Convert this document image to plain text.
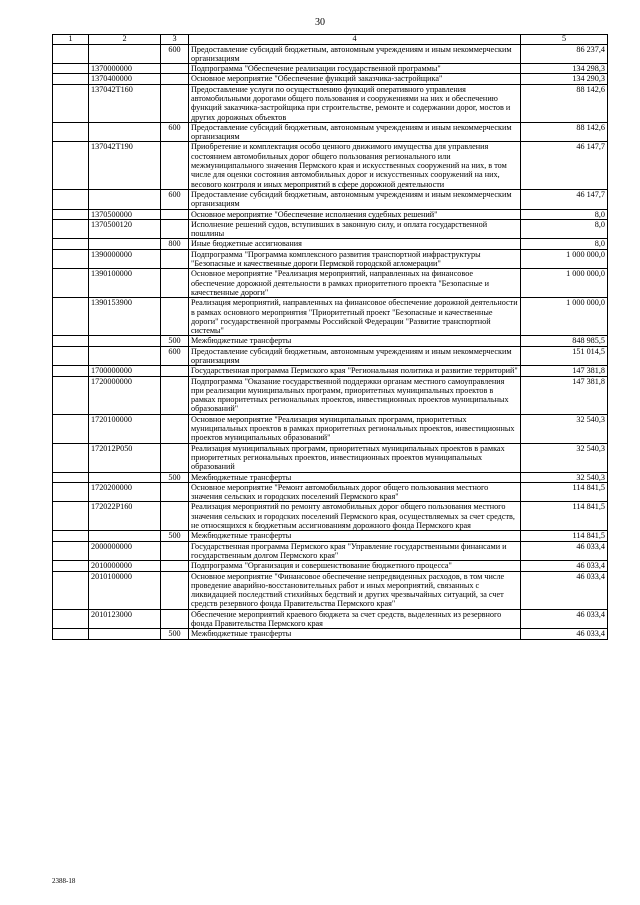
30
1	2	3	4	5
		600	Предоставление субсидий бюджетным, автономным учреждениям и иным некоммерческим организациям	86 237,4
	1370000000		Подпрограмма "Обеспечение реализации государственной программы"	134 298,3
	1370400000		Основное мероприятие "Обеспечение функций заказчика-застройщика"	134 290,3
	137042Т160		Предоставление услуги по осуществлению функций оперативного управления автомобильными дорогами общего пользования и сооружениями на них и обеспечению функций заказчика-застройщика при строительстве, ремонте и содержании дорог, мостов и других дорожных объектов	88 142,6
		600	Предоставление субсидий бюджетным, автономным учреждениям и иным некоммерческим организациям	88 142,6
	137042Т190		Приобретение и комплектация особо ценного движимого имущества для управления состоянием автомобильных дорог общего пользования регионального или межмуниципального значения Пермского края и искусственных сооружений на них, в том числе для оценки состояния автомобильных дорог и искусственных сооружений на них, весового контроля и иных мероприятий в сфере дорожной деятельности	46 147,7
		600	Предоставление субсидий бюджетным, автономным учреждениям и иным некоммерческим организациям	46 147,7
	1370500000		Основное мероприятие "Обеспечение исполнения судебных решений"	8,0
	1370500120		Исполнение решений судов, вступивших в законную силу, и оплата государственной пошлины	8,0
		800	Иные бюджетные ассигнования	8,0
	1390000000		Подпрограмма "Программа комплексного развития транспортной инфраструктуры "Безопасные и качественные дороги Пермской городской агломерации"	1 000 000,0
	1390100000		Основное мероприятие "Реализация мероприятий, направленных на финансовое обеспечение дорожной деятельности в рамках приоритетного проекта "Безопасные и качественные дороги"	1 000 000,0
	1390153900		Реализация мероприятий, направленных на финансовое обеспечение дорожной деятельности в рамках основного мероприятия "Приоритетный проект "Безопасные и качественные дороги" государственной программы Российской Федерации "Развитие транспортной системы"	1 000 000,0
		500	Межбюджетные трансферты	848 985,5
		600	Предоставление субсидий бюджетным, автономным учреждениям и иным некоммерческим организациям	151 014,5
	1700000000		Государственная программа Пермского края "Региональная политика и развитие территорий"	147 381,8
	1720000000		Подпрограмма "Оказание государственной поддержки органам местного самоуправления при реализации муниципальных программ, приоритетных муниципальных проектов в рамках приоритетных региональных проектов, инвестиционных проектов муниципальных образований"	147 381,8
	1720100000		Основное мероприятие "Реализация муниципальных программ, приоритетных муниципальных проектов в рамках приоритетных региональных проектов, инвестиционных проектов муниципальных образований"	32 540,3
	172012Р050		Реализация муниципальных программ, приоритетных муниципальных проектов в рамках приоритетных региональных проектов, инвестиционных проектов муниципальных образований	32 540,3
		500	Межбюджетные трансферты	32 540,3
	1720200000		Основное мероприятие "Ремонт автомобильных дорог общего пользования местного значения сельских и городских поселений Пермского края"	114 841,5
	172022Р160		Реализация мероприятий по ремонту автомобильных дорог общего пользования местного значения сельских и городских поселений Пермского края, осуществляемых за счет средств, не относящихся к бюджетным ассигнованиям дорожного фонда Пермского края	114 841,5
		500	Межбюджетные трансферты	114 841,5
	2000000000		Государственная программа Пермского края "Управление государственными финансами и государственным долгом Пермского края"	46 033,4
	2010000000		Подпрограмма "Организация и совершенствование бюджетного процесса"	46 033,4
	2010100000		Основное мероприятие "Финансовое обеспечение непредвиденных расходов, в том числе проведение аварийно-восстановительных работ и иных мероприятий, связанных с ликвидацией последствий стихийных бедствий и других чрезвычайных ситуаций, за счет средств резервного фонда Правительства Пермского края"	46 033,4
	2010123000		Обеспечение мероприятий краевого бюджета за счет средств, выделенных из резервного фонда Правительства Пермского края	46 033,4
		500	Межбюджетные трансферты	46 033,4
2388-18
